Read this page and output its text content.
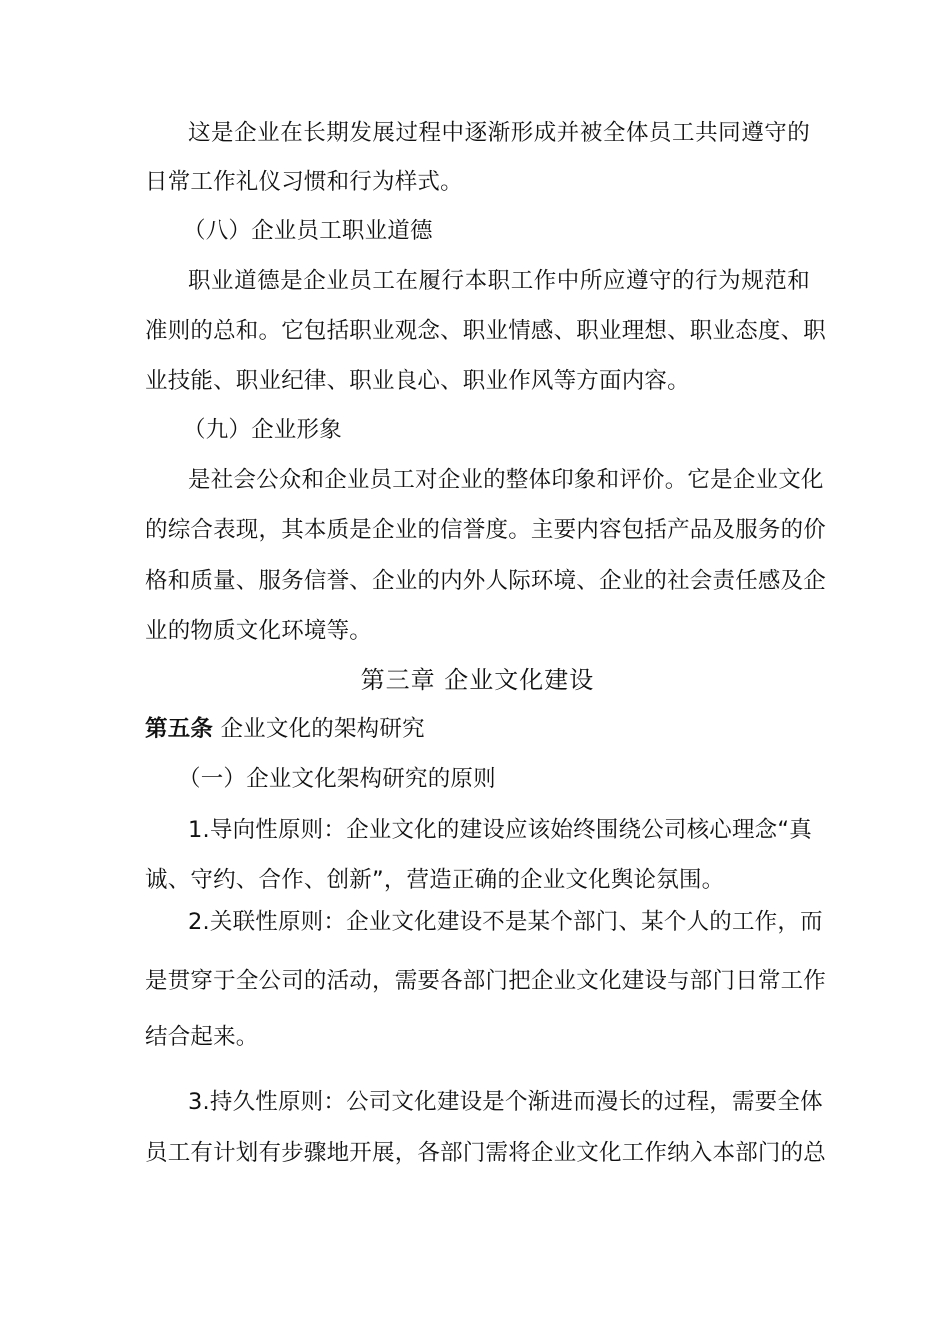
这是企业在长期发展过程中逐渐形成并被全体员工共同遵守的
日常工作礼仪习惯和行为样式。
（八）企业员工职业道德
职业道德是企业员工在履行本职工作中所应遵守的行为规范和
准则的总和。它包括职业观念、职业情感、职业理想、职业态度、职
业技能、职业纪律、职业良心、职业作风等方面内容。
（九）企业形象
是社会公众和企业员工对企业的整体印象和评价。它是企业文化
的综合表现，其本质是企业的信誉度。主要内容包括产品及服务的价
格和质量、服务信誉、企业的内外人际环境、企业的社会责任感及企
业的物质文化环境等。
第三章 企业文化建设
第五条 企业文化的架构研究
（一）企业文化架构研究的原则
1.导向性原则：企业文化的建设应该始终围绕公司核心理念“真
诚、守约、合作、创新”，营造正确的企业文化舆论氛围。
2.关联性原则：企业文化建设不是某个部门、某个人的工作，而
是贯穿于全公司的活动，需要各部门把企业文化建设与部门日常工作
结合起来。
3.持久性原则：公司文化建设是个渐进而漫长的过程，需要全体
员工有计划有步骤地开展，各部门需将企业文化工作纳入本部门的总
